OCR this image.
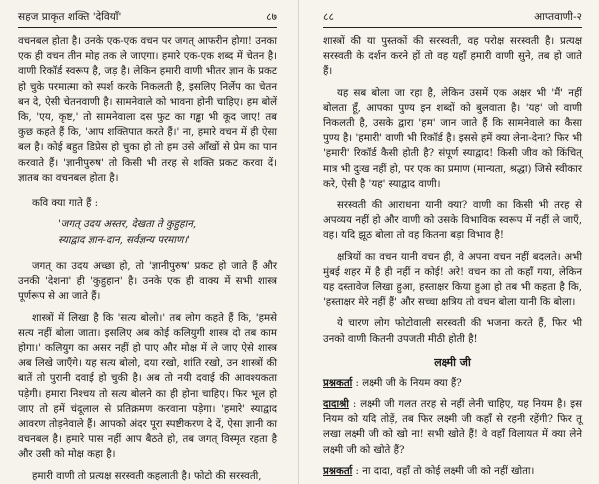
सहज प्राकृत शक्ति 'देवियाँ'	८७

वचनबल होता है। उनके एक-एक वचन पर जगत् आफरीन होगा! उनका एक ही वचन तीन मोह तक ले जाएगा। हमारे एक-एक शब्द में चेतन है। वाणी रिकॉर्ड स्वरूप है, जड़ है। लेकिन हमारी वाणी भीतर ज्ञान के प्रकट हो चुके परमात्मा को स्पर्श करके निकलती है, इसलिए निर्लेप का चेतन बन दे, ऐसी चेतनवाणी है। सामनेवाले को भावना होनी चाहिए। हम बोलें कि, 'एय, कृष्ट,' तो सामनेवाला दस फुट का गड्ढा भी कूद जाए! तब कुछ कहते हैं कि, 'आप शक्तिपात करते हैं।' ना, हमारे वचन में ही ऐसा बल है। कोई बहुत डिप्रेस हो चुका हो तो हम उसे आँखों से प्रेम का पान करवाते हैं। 'ज्ञानीपुरुष' तो किसी भी तरह से शक्ति प्रकट करवा दें। ज्ञातब का वचनबल होता है।

कवि क्या गाते हैं :
'जगत् उदय अस्तर, देखता ते कुहुहान,
स्याद्वाद ज्ञान-दान, सर्वज्ञन्य परमाण।'

जगत् का उदय अच्छा हो, तो 'ज्ञानीपुरुष' प्रकट हो जाते हैं और उनकी 'देशना' ही 'कुहुहान' है। उनके एक ही वाक्य में सभी शास्त्र पूर्णरूप से आ जाते हैं।

शास्त्रों में लिखा है कि 'सत्य बोलो।' तब लोग कहते हैं कि, 'हमसे सत्य नहीं बोला जाता। इसलिए अब कोई कलियुगी शास्त्र दो तब काम होगा।' कलियुग का असर नहीं हो पाए और मोक्ष में ले जाए ऐसे शास्त्र अब लिखे जाएँगे। यह सत्य बोलो, दया रखो, शांति रखो, उन शास्त्रों की बातें तो पुरानी दवाई हो चुकी है। अब तो नयी दवाई की आवश्यकता पड़ेगी। हमारा निश्चय तो सत्य बोलने का ही होना चाहिए। फिर भूल हो जाए तो हमें चंदूलाल से प्रतिक्रमण करवाना पड़ेगा। 'हमारे' स्याद्वाद आवरण तोड़नेवाले हैं। आपको अंदर पूरा स्पष्टीकरण दे दें, ऐसा ज्ञानी का वचनबल है। हमारे पास नहीं आप बैठते हो, तब जगत् विस्मृत रहता है और उसी को मोक्ष कहा है।

हमारी वाणी तो प्रत्यक्ष सरस्वती कहलाती है। फोटो की सरस्वती,

८८	आप्तवाणी-२

शास्त्रों की या पुस्तकों की सरस्वती, वह परोक्ष सरस्वती है। प्रत्यक्ष सरस्वती के दर्शन करने हों तो वह यहाँ हमारी वाणी सुने, तब हो जाते हैं।

यह सब बोला जा रहा है, लेकिन उसमें एक अक्षर भी 'मैं' नहीं बोलता हूँ, आपका पुण्य इन शब्दों को बुलवाता है। 'यह' जो वाणी निकलती है, उसके द्वारा 'हम' जान जाते हैं कि सामनेवाले का कैसा पुण्य है। 'हमारी' वाणी भी रिकॉर्ड है। इससे हमें क्या लेना-देना? फिर भी 'हमारी' रिकॉर्ड कैसी होती है? संपूर्ण स्याद्वाद! किसी जीव को किंचित् मात्र भी दुःख नहीं हो, पर एक का प्रमाण (मान्यता, श्रद्धा) जिसे स्वीकार करे, ऐसी है 'यह' स्याद्वाद वाणी।

सरस्वती की आराधना यानी क्या? वाणी का किसी भी तरह से अपव्यय नहीं हो और वाणी को उसके विभाविक स्वरूप में नहीं ले जाएँ, वह। यदि झूठ बोला तो वह कितना बड़ा विभाव है!

क्षत्रियों का वचन यानी वचन ही, वे अपना वचन नहीं बदलते। अभी मुंबई शहर में है ही नहीं न कोई! अरे! वचन का तो कहाँ गया, लेकिन यह दस्तावेज लिखा हुआ, हस्ताक्षर किया हुआ हो तब भी कहता है कि, 'हस्ताक्षर मेरे नहीं हैं' और सच्चा क्षत्रिय तो वचन बोला यानी कि बोला।

ये चारण लोग फोटोवाली सरस्वती की भजना करते हैं, फिर भी उनको वाणी कितनी उपजती मीठी होती है!

लक्ष्मी जी
प्रश्नकर्ता : लक्ष्मी जी के नियम क्या हैं?
दादाश्री : लक्ष्मी जी गलत तरह से नहीं लेनी चाहिए, यह नियम है। इस नियम को यदि तोड़ें, तब फिर लक्ष्मी जी कहाँ से रहनी रहेंगी? फिर तू लखा लक्ष्मी जी को खो ना! सभी खोते हैं! वे वहाँ विलायत में क्या लेने लक्ष्मी जी को खोते हैं?
प्रश्नकर्ता : ना दादा, वहाँ तो कोई लक्ष्मी जी को नहीं खोता।
